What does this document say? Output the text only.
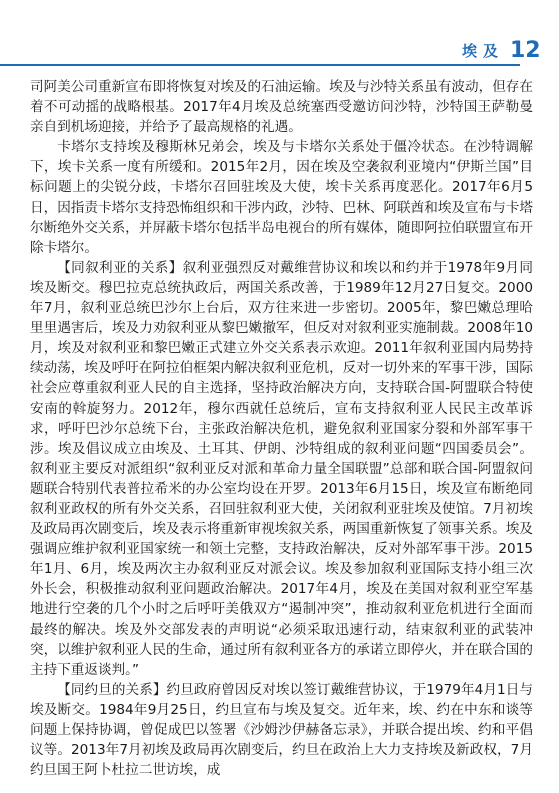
埃及 12

司阿美公司重新宣布即将恢复对埃及的石油运输。埃及与沙特关系虽有波动，但存在着不可动摇的战略根基。2017年4月埃及总统塞西受邀访问沙特，沙特国王萨勒曼亲自到机场迎接，并给予了最高规格的礼遇。

卡塔尔支持埃及穆斯林兄弟会，埃及与卡塔尔关系处于僵冷状态。在沙特调解下，埃卡关系一度有所缓和。2015年2月，因在埃及空袭叙利亚境内“伊斯兰国”目标问题上的尖锐分歧，卡塔尔召回驻埃及大使，埃卡关系再度恶化。2017年6月5日，因指责卡塔尔支持恐怖组织和干涉内政，沙特、巴林、阿联酋和埃及宣布与卡塔尔断绝外交关系，并屏蔽卡塔尔包括半岛电视台的所有媒体，随即阿拉伯联盟宣布开除卡塔尔。

【同叙利亚的关系】叙利亚强烈反对戴维营协议和埃以和约并于1978年9月同埃及断交。穆巴拉克总统执政后，两国关系改善，于1989年12月27日复交。2000年7月，叙利亚总统巴沙尔上台后，双方往来进一步密切。2005年，黎巴嫩总理哈里里遇害后，埃及力劝叙利亚从黎巴嫩撤军，但反对对叙利亚实施制裁。2008年10月，埃及对叙利亚和黎巴嫩正式建立外交关系表示欢迎。2011年叙利亚国内局势持续动荡，埃及呼吁在阿拉伯框架内解决叙利亚危机，反对一切外来的军事干涉，国际社会应尊重叙利亚人民的自主选择，坚持政治解决方向，支持联合国-阿盟联合特使安南的斡旋努力。2012年，穆尔西就任总统后，宣布支持叙利亚人民民主改革诉求，呼吁巴沙尔总统下台，主张政治解决危机，避免叙利亚国家分裂和外部军事干涉。埃及倡议成立由埃及、土耳其、伊朗、沙特组成的叙利亚问题“四国委员会”。叙利亚主要反对派组织“叙利亚反对派和革命力量全国联盟”总部和联合国-阿盟叙问题联合特别代表普拉希米的办公室均设在开罗。2013年6月15日，埃及宣布断绝同叙利亚政权的所有外交关系，召回驻叙利亚大使，关闭叙利亚驻埃及使馆。7月初埃及政局再次剧变后，埃及表示将重新审视埃叙关系，两国重新恢复了领事关系。埃及强调应维护叙利亚国家统一和领土完整，支持政治解决，反对外部军事干涉。2015年1月、6月，埃及两次主办叙利亚反对派会议。埃及参加叙利亚国际支持小组三次外长会，积极推动叙利亚问题政治解决。2017年4月，埃及在美国对叙利亚空军基地进行空袭的几个小时之后呼吁美俄双方“遏制冲突”，推动叙利亚危机进行全面而最终的解决。埃及外交部发表的声明说“必须采取迅速行动，结束叙利亚的武装冲突，以维护叙利亚人民的生命，通过所有叙利亚各方的承诺立即停火，并在联合国的主持下重返谈判。”

【同约旦的关系】约旦政府曾因反对埃以签订戴维营协议，于1979年4月1日与埃及断交。1984年9月25日，约旦宣布与埃及复交。近年来，埃、约在中东和谈等问题上保持协调，曾促成巴以签署《沙姆沙伊赫备忘录》，并联合提出埃、约和平倡议等。2013年7月初埃及政局再次剧变后，约旦在政治上大力支持埃及新政权，7月约旦国王阿卜杜拉二世访埃，成
